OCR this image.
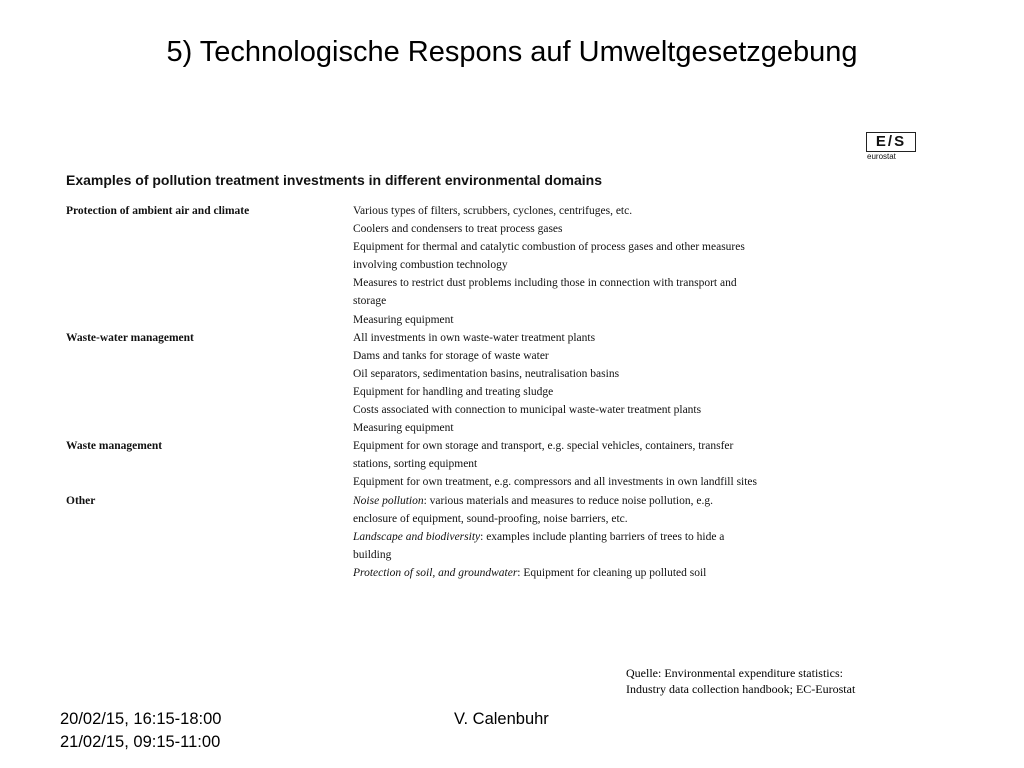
5) Technologische Respons auf Umweltgesetzgebung
E/S
eurostat
Examples of pollution treatment investments in different environmental domains
Protection of ambient air and climate	Various types of filters, scrubbers, cyclones, centrifuges, etc.
Coolers and condensers to treat process gases
Equipment for thermal and catalytic combustion of process gases and other measures
involving combustion technology
Measures to restrict dust problems including those in connection with transport and
storage
Measuring equipment
Waste-water management	All investments in own waste-water treatment plants
Dams and tanks for storage of waste water
Oil separators, sedimentation basins, neutralisation basins
Equipment for handling and treating sludge
Costs associated with connection to municipal waste-water treatment plants
Measuring equipment
Waste management	Equipment for own storage and transport, e.g. special vehicles, containers, transfer
stations, sorting equipment
Equipment for own treatment, e.g. compressors and all investments in own landfill sites
Other	Noise pollution: various materials and measures to reduce noise pollution, e.g.
enclosure of equipment, sound-proofing, noise barriers, etc.
Landscape and biodiversity: examples include planting barriers of trees to hide a
building
Protection of soil, and groundwater: Equipment for cleaning up polluted soil
Quelle: Environmental expenditure statistics:
Industry data collection handbook; EC-Eurostat
20/02/15, 16:15-18:00
21/02/15, 09:15-11:00
V. Calenbuhr
